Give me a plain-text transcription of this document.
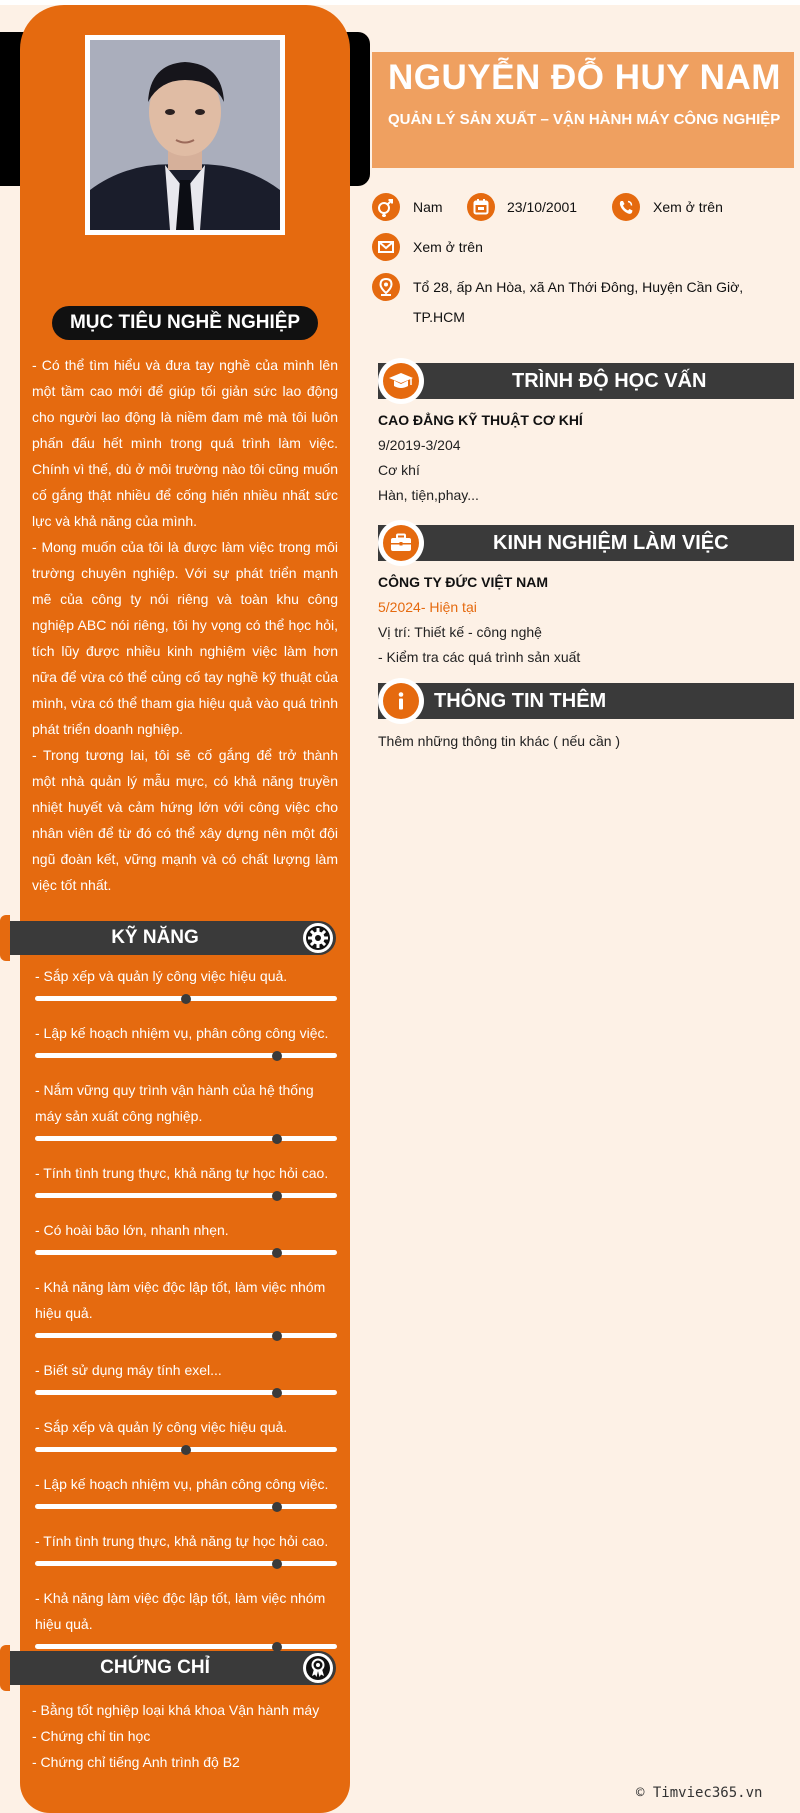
MỤC TIÊU NGHỀ NGHIỆP

- Có thể tìm hiểu và đưa tay nghề của mình lên một tầm cao mới để giúp tối giản sức lao động cho người lao động là niềm đam mê mà tôi luôn phấn đấu hết mình trong quá trình làm việc. Chính vì thế, dù ở môi trường nào tôi cũng muốn cố gắng thật nhiều để cống hiến nhiều nhất sức lực và khả năng của mình.

- Mong muốn của tôi là được làm việc trong môi trường chuyên nghiệp. Với sự phát triển mạnh mẽ của công ty nói riêng và toàn khu công nghiệp ABC nói riêng, tôi hy vọng có thể học hỏi, tích lũy được nhiều kinh nghiệm việc làm hơn nữa để vừa có thể củng cố tay nghề kỹ thuật của mình, vừa có thể tham gia hiệu quả vào quá trình phát triển doanh nghiệp.

- Trong tương lai, tôi sẽ cố gắng để trở thành một nhà quản lý mẫu mực, có khả năng truyền nhiệt huyết và cảm hứng lớn với công việc cho nhân viên để từ đó có thể xây dựng nên một đội ngũ đoàn kết, vững mạnh và có chất lượng làm việc tốt nhất.

KỸ NĂNG
- Sắp xếp và quản lý công việc hiệu quả.
- Lập kế hoạch nhiệm vụ, phân công công việc.
- Nắm vững quy trình vận hành của hệ thống máy sản xuất công nghiệp.
- Tính tình trung thực, khả năng tự học hỏi cao.
- Có hoài bão lớn, nhanh nhẹn.
- Khả năng làm việc độc lập tốt, làm việc nhóm hiệu quả.
- Biết sử dụng máy tính exel...
- Sắp xếp và quản lý công việc hiệu quả.
- Lập kế hoạch nhiệm vụ, phân công công việc.
- Tính tình trung thực, khả năng tự học hỏi cao.
- Khả năng làm việc độc lập tốt, làm việc nhóm hiệu quả.
CHỨNG CHỈ
- Bằng tốt nghiệp loại khá khoa Vận hành máy
- Chứng chỉ tin học
- Chứng chỉ tiếng Anh trình độ B2
NGUYỄN ĐỖ HUY NAM
QUẢN LÝ SẢN XUẤT – VẬN HÀNH MÁY CÔNG NGHIỆP
Nam	23/10/2001	Xem ở trên
Xem ở trên
Tổ 28, ấp An Hòa, xã An Thới Đông, Huyện Cần Giờ, TP.HCM
TRÌNH ĐỘ HỌC VẤN
CAO ĐẲNG KỸ THUẬT CƠ KHÍ
9/2019-3/204
Cơ khí
Hàn, tiện,phay...
KINH NGHIỆM LÀM VIỆC
CÔNG TY ĐỨC VIỆT NAM
5/2024- Hiện tại
Vị trí: Thiết kế - công nghệ
- Kiểm tra các quá trình sản xuất
THÔNG TIN THÊM
Thêm những thông tin khác ( nếu cần )
© Timviec365.vn
